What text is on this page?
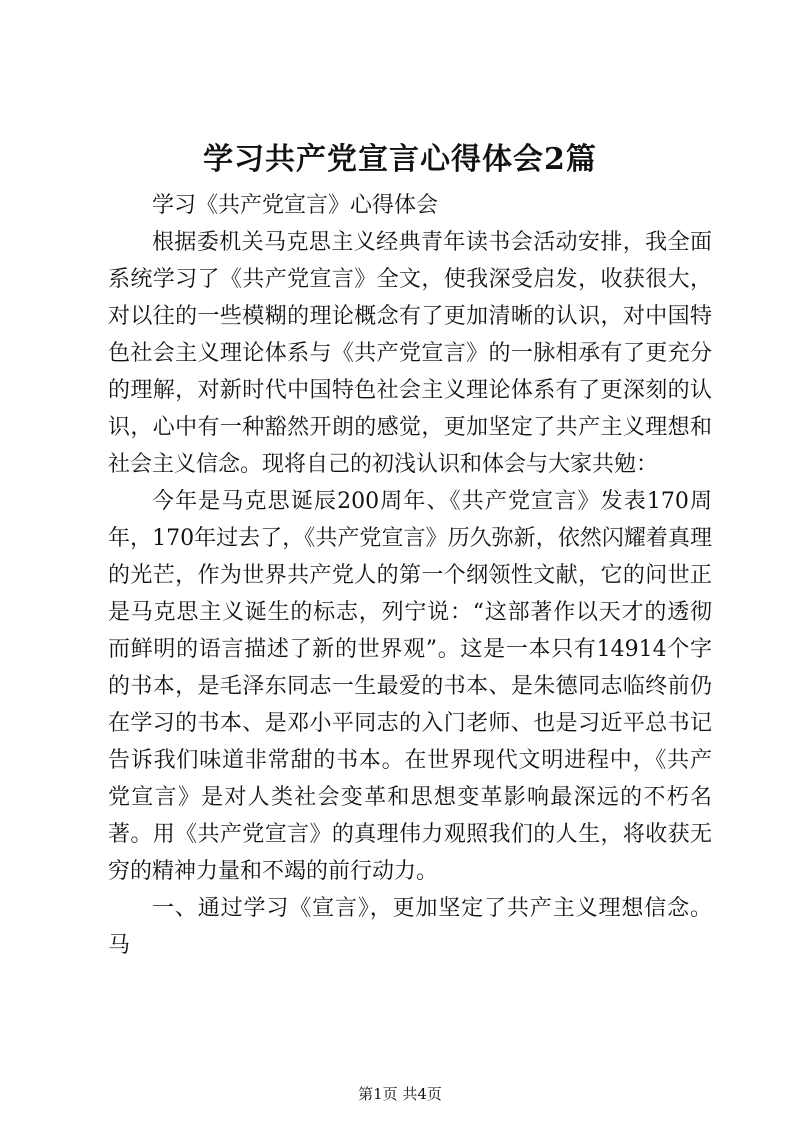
学习共产党宣言心得体会2篇

学习《共产党宣言》心得体会

根据委机关马克思主义经典青年读书会活动安排，我全面系统学习了《共产党宣言》全文，使我深受启发，收获很大，对以往的一些模糊的理论概念有了更加清晰的认识，对中国特色社会主义理论体系与《共产党宣言》的一脉相承有了更充分的理解，对新时代中国特色社会主义理论体系有了更深刻的认识，心中有一种豁然开朗的感觉，更加坚定了共产主义理想和社会主义信念。现将自己的初浅认识和体会与大家共勉：

今年是马克思诞辰200周年、《共产党宣言》发表170周年，170年过去了，《共产党宣言》历久弥新，依然闪耀着真理的光芒，作为世界共产党人的第一个纲领性文献，它的问世正是马克思主义诞生的标志，列宁说：“这部著作以天才的透彻而鲜明的语言描述了新的世界观”。这是一本只有14914个字的书本，是毛泽东同志一生最爱的书本、是朱德同志临终前仍在学习的书本、是邓小平同志的入门老师、也是习近平总书记告诉我们味道非常甜的书本。在世界现代文明进程中，《共产党宣言》是对人类社会变革和思想变革影响最深远的不朽名著。用《共产党宣言》的真理伟力观照我们的人生，将收获无穷的精神力量和不竭的前行动力。

一、通过学习《宣言》，更加坚定了共产主义理想信念。马

第1页 共4页
